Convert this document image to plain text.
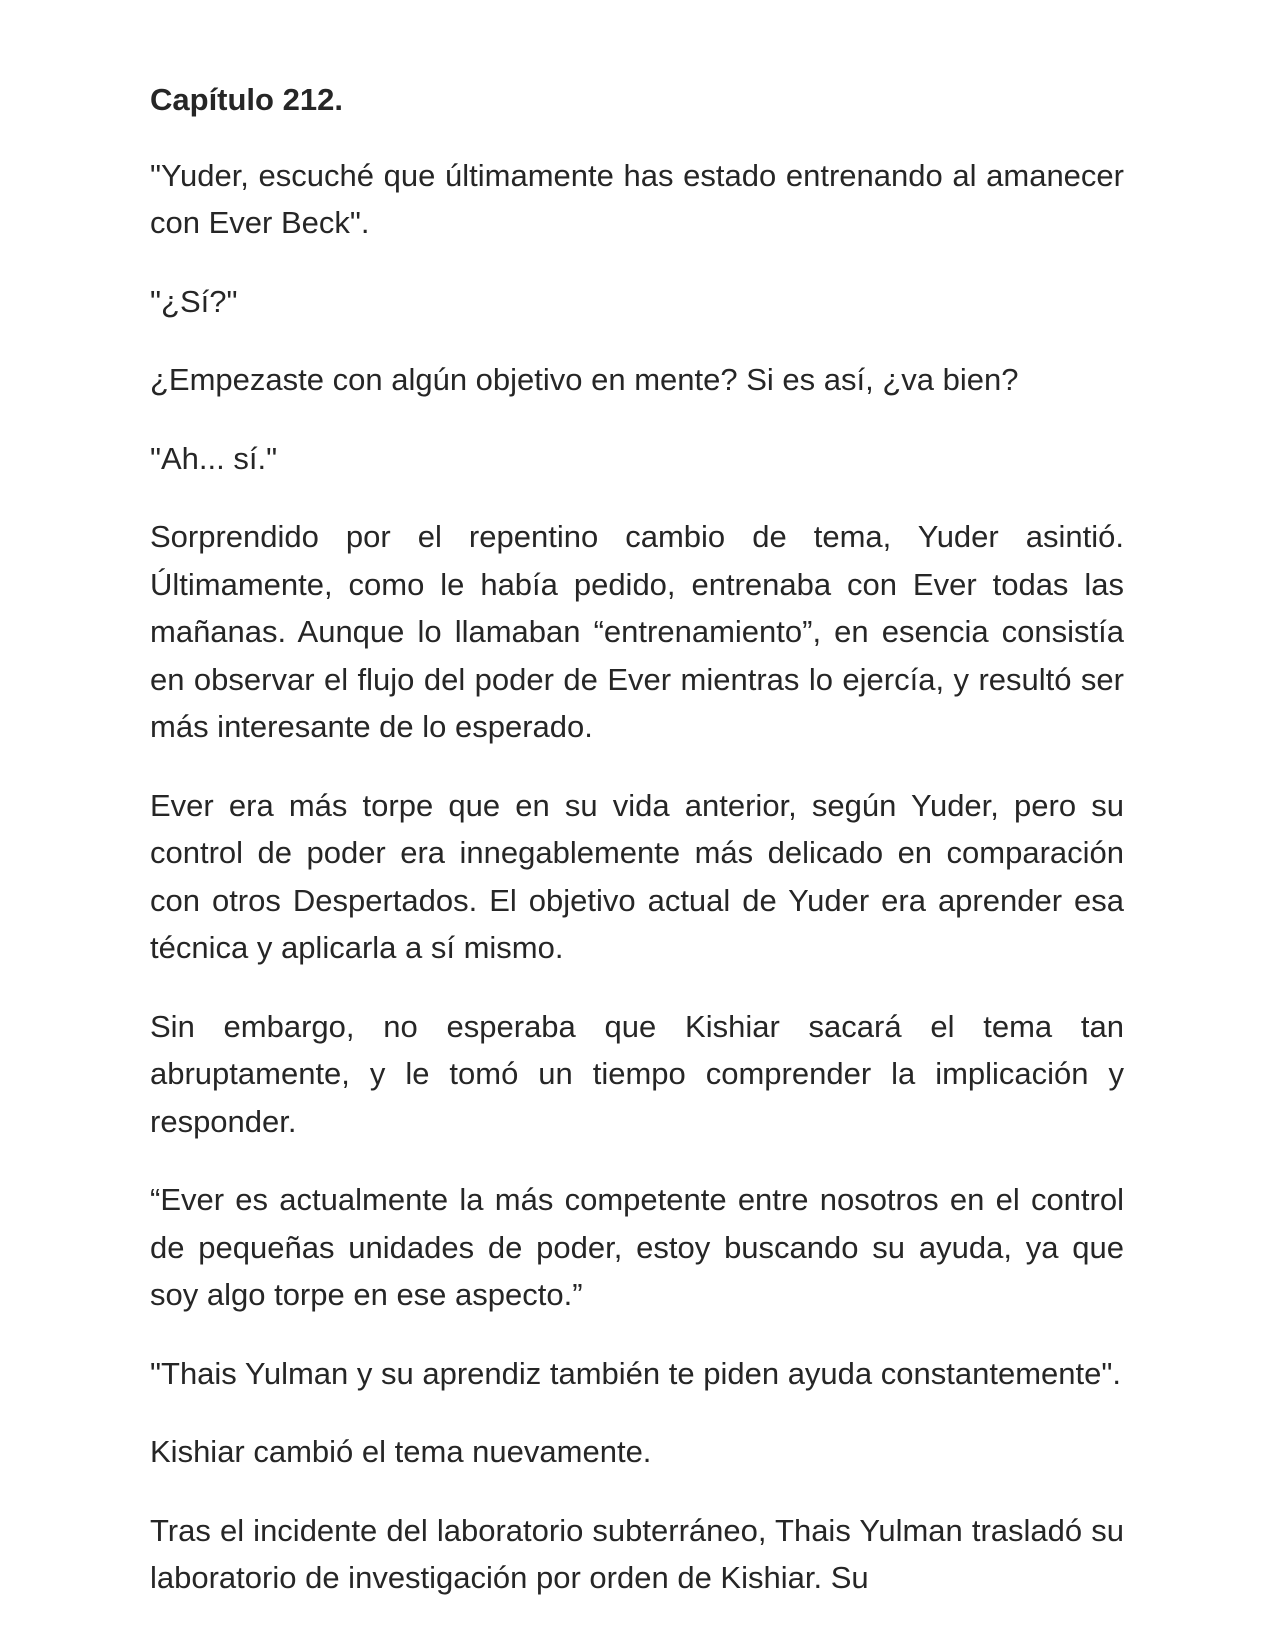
Capítulo 212.

"Yuder, escuché que últimamente has estado entrenando al amanecer con Ever Beck".

"¿Sí?"

¿Empezaste con algún objetivo en mente? Si es así, ¿va bien?

"Ah... sí."

Sorprendido por el repentino cambio de tema, Yuder asintió. Últimamente, como le había pedido, entrenaba con Ever todas las mañanas. Aunque lo llamaban “entrenamiento”, en esencia consistía en observar el flujo del poder de Ever mientras lo ejercía, y resultó ser más interesante de lo esperado.

Ever era más torpe que en su vida anterior, según Yuder, pero su control de poder era innegablemente más delicado en comparación con otros Despertados. El objetivo actual de Yuder era aprender esa técnica y aplicarla a sí mismo.

Sin embargo, no esperaba que Kishiar sacará el tema tan abruptamente, y le tomó un tiempo comprender la implicación y responder.

“Ever es actualmente la más competente entre nosotros en el control de pequeñas unidades de poder, estoy buscando su ayuda, ya que soy algo torpe en ese aspecto.”

"Thais Yulman y su aprendiz también te piden ayuda constantemente".

Kishiar cambió el tema nuevamente.

Tras el incidente del laboratorio subterráneo, Thais Yulman trasladó su laboratorio de investigación por orden de Kishiar. Su
